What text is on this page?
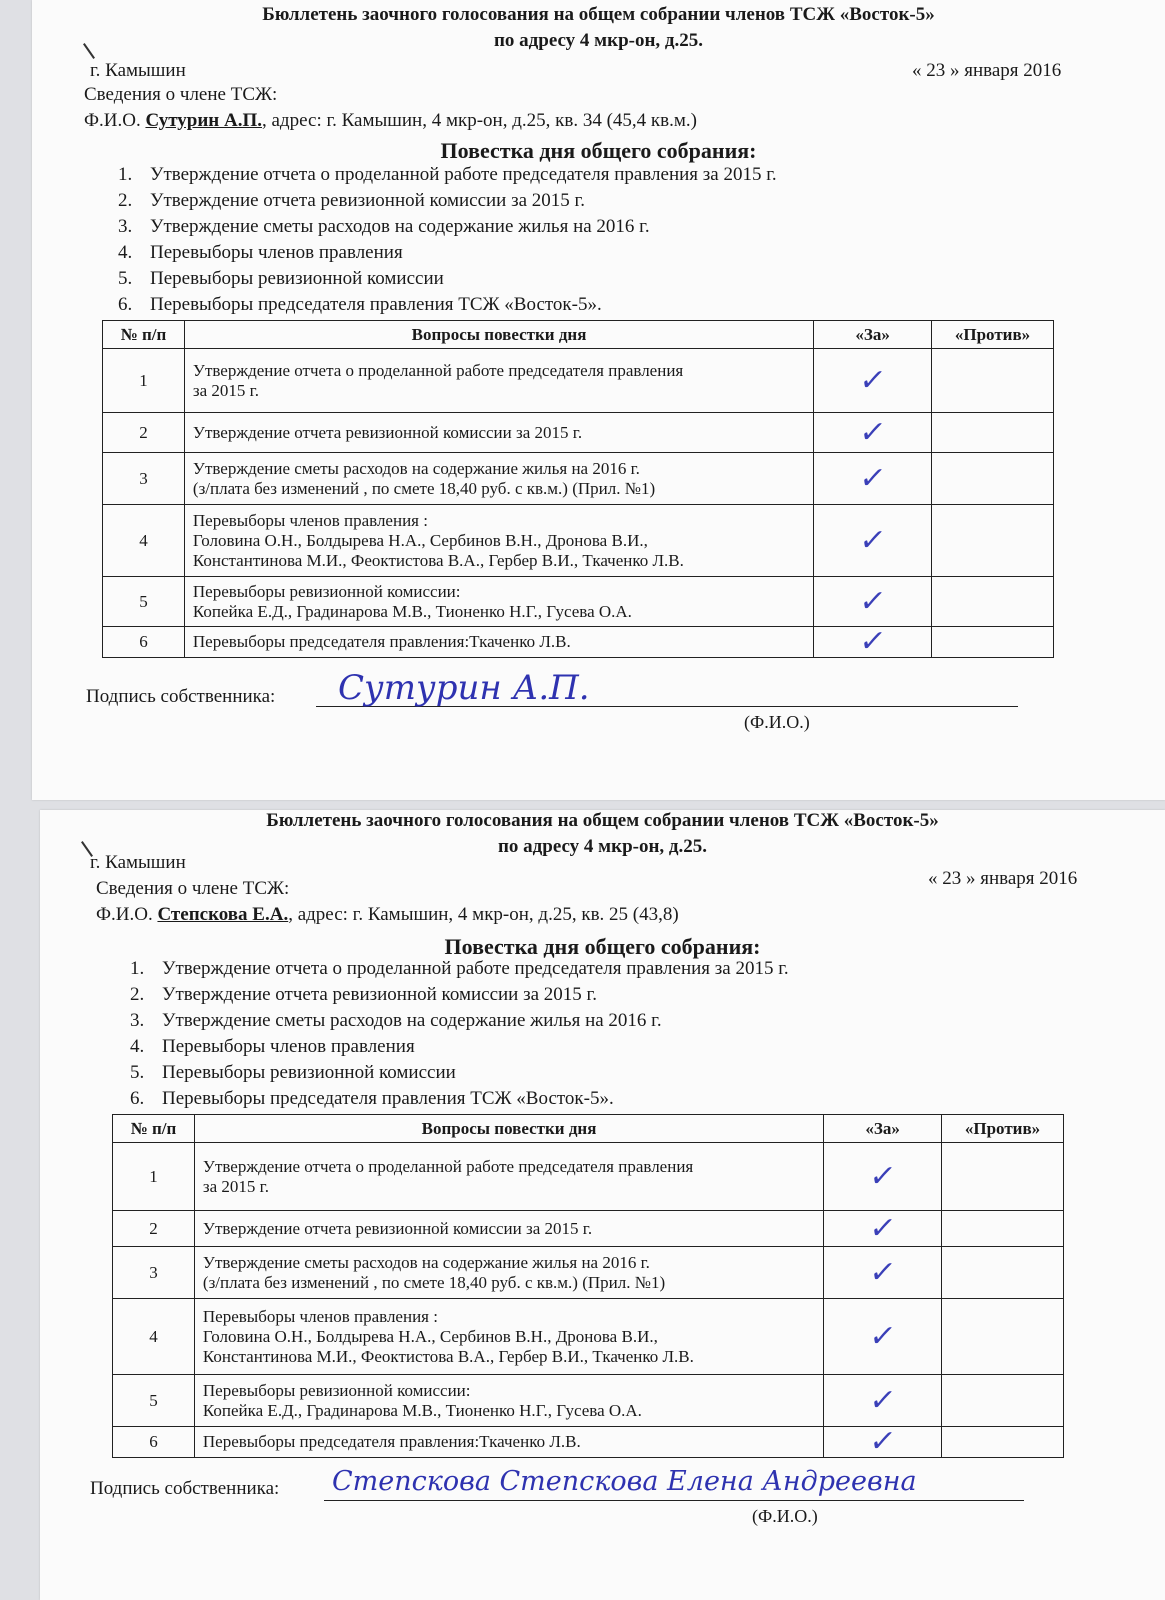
Бюллетень заочного голосования на общем собрании членов ТСЖ «Восток-5»
по адресу 4 мкр-он, д.25.
г. Камышин	« 23 » января 2016
Сведения о члене ТСЖ:
Ф.И.О. Сутурин А.П., адрес: г. Камышин, 4 мкр-он, д.25, кв. 34 (45,4 кв.м.)
Повестка дня общего собрания:
1. Утверждение отчета о проделанной работе председателя правления за 2015 г.
2. Утверждение отчета ревизионной комиссии за 2015 г.
3. Утверждение сметы расходов на содержание жилья на 2016 г.
4. Перевыборы членов правления
5. Перевыборы ревизионной комиссии
6. Перевыборы председателя правления ТСЖ «Восток-5».
№ п/п	Вопросы повестки дня	«За»	«Против»
1	Утверждение отчета о проделанной работе председателя правления
за 2015 г.	✓	
2	Утверждение отчета ревизионной комиссии за 2015 г.	✓	
3	Утверждение сметы расходов на содержание жилья на 2016 г.
(з/плата без изменений , по смете 18,40 руб. с кв.м.) (Прил. №1)	✓	
4	Перевыборы членов правления :
Головина О.Н., Болдырева Н.А., Сербинов В.Н., Дронова В.И.,
Константинова М.И., Феоктистова В.А., Гербер В.И., Ткаченко Л.В.	✓	
5	Перевыборы ревизионной комиссии:
Копейка Е.Д., Градинарова М.В., Тионенко Н.Г., Гусева О.А.	✓	
6	Перевыборы председателя правления:Ткаченко Л.В.	✓	
Подпись собственника: Сутурин А.П.
(Ф.И.О.)
Бюллетень заочного голосования на общем собрании членов ТСЖ «Восток-5»
по адресу 4 мкр-он, д.25.
г. Камышин
« 23 » января 2016
Сведения о члене ТСЖ:
Ф.И.О. Степскова Е.А., адрес: г. Камышин, 4 мкр-он, д.25, кв. 25 (43,8)
Повестка дня общего собрания:
1. Утверждение отчета о проделанной работе председателя правления за 2015 г.
2. Утверждение отчета ревизионной комиссии за 2015 г.
3. Утверждение сметы расходов на содержание жилья на 2016 г.
4. Перевыборы членов правления
5. Перевыборы ревизионной комиссии
6. Перевыборы председателя правления ТСЖ «Восток-5».
№ п/п	Вопросы повестки дня	«За»	«Против»
1	Утверждение отчета о проделанной работе председателя правления
за 2015 г.	✓	
2	Утверждение отчета ревизионной комиссии за 2015 г.	✓	
3	Утверждение сметы расходов на содержание жилья на 2016 г.
(з/плата без изменений , по смете 18,40 руб. с кв.м.) (Прил. №1)	✓	
4	Перевыборы членов правления :
Головина О.Н., Болдырева Н.А., Сербинов В.Н., Дронова В.И.,
Константинова М.И., Феоктистова В.А., Гербер В.И., Ткаченко Л.В.	✓	
5	Перевыборы ревизионной комиссии:
Копейка Е.Д., Градинарова М.В., Тионенко Н.Г., Гусева О.А.	✓	
6	Перевыборы председателя правления:Ткаченко Л.В.	✓	
Подпись собственника: Степскова Степскова Елена Андреевна
(Ф.И.О.)
